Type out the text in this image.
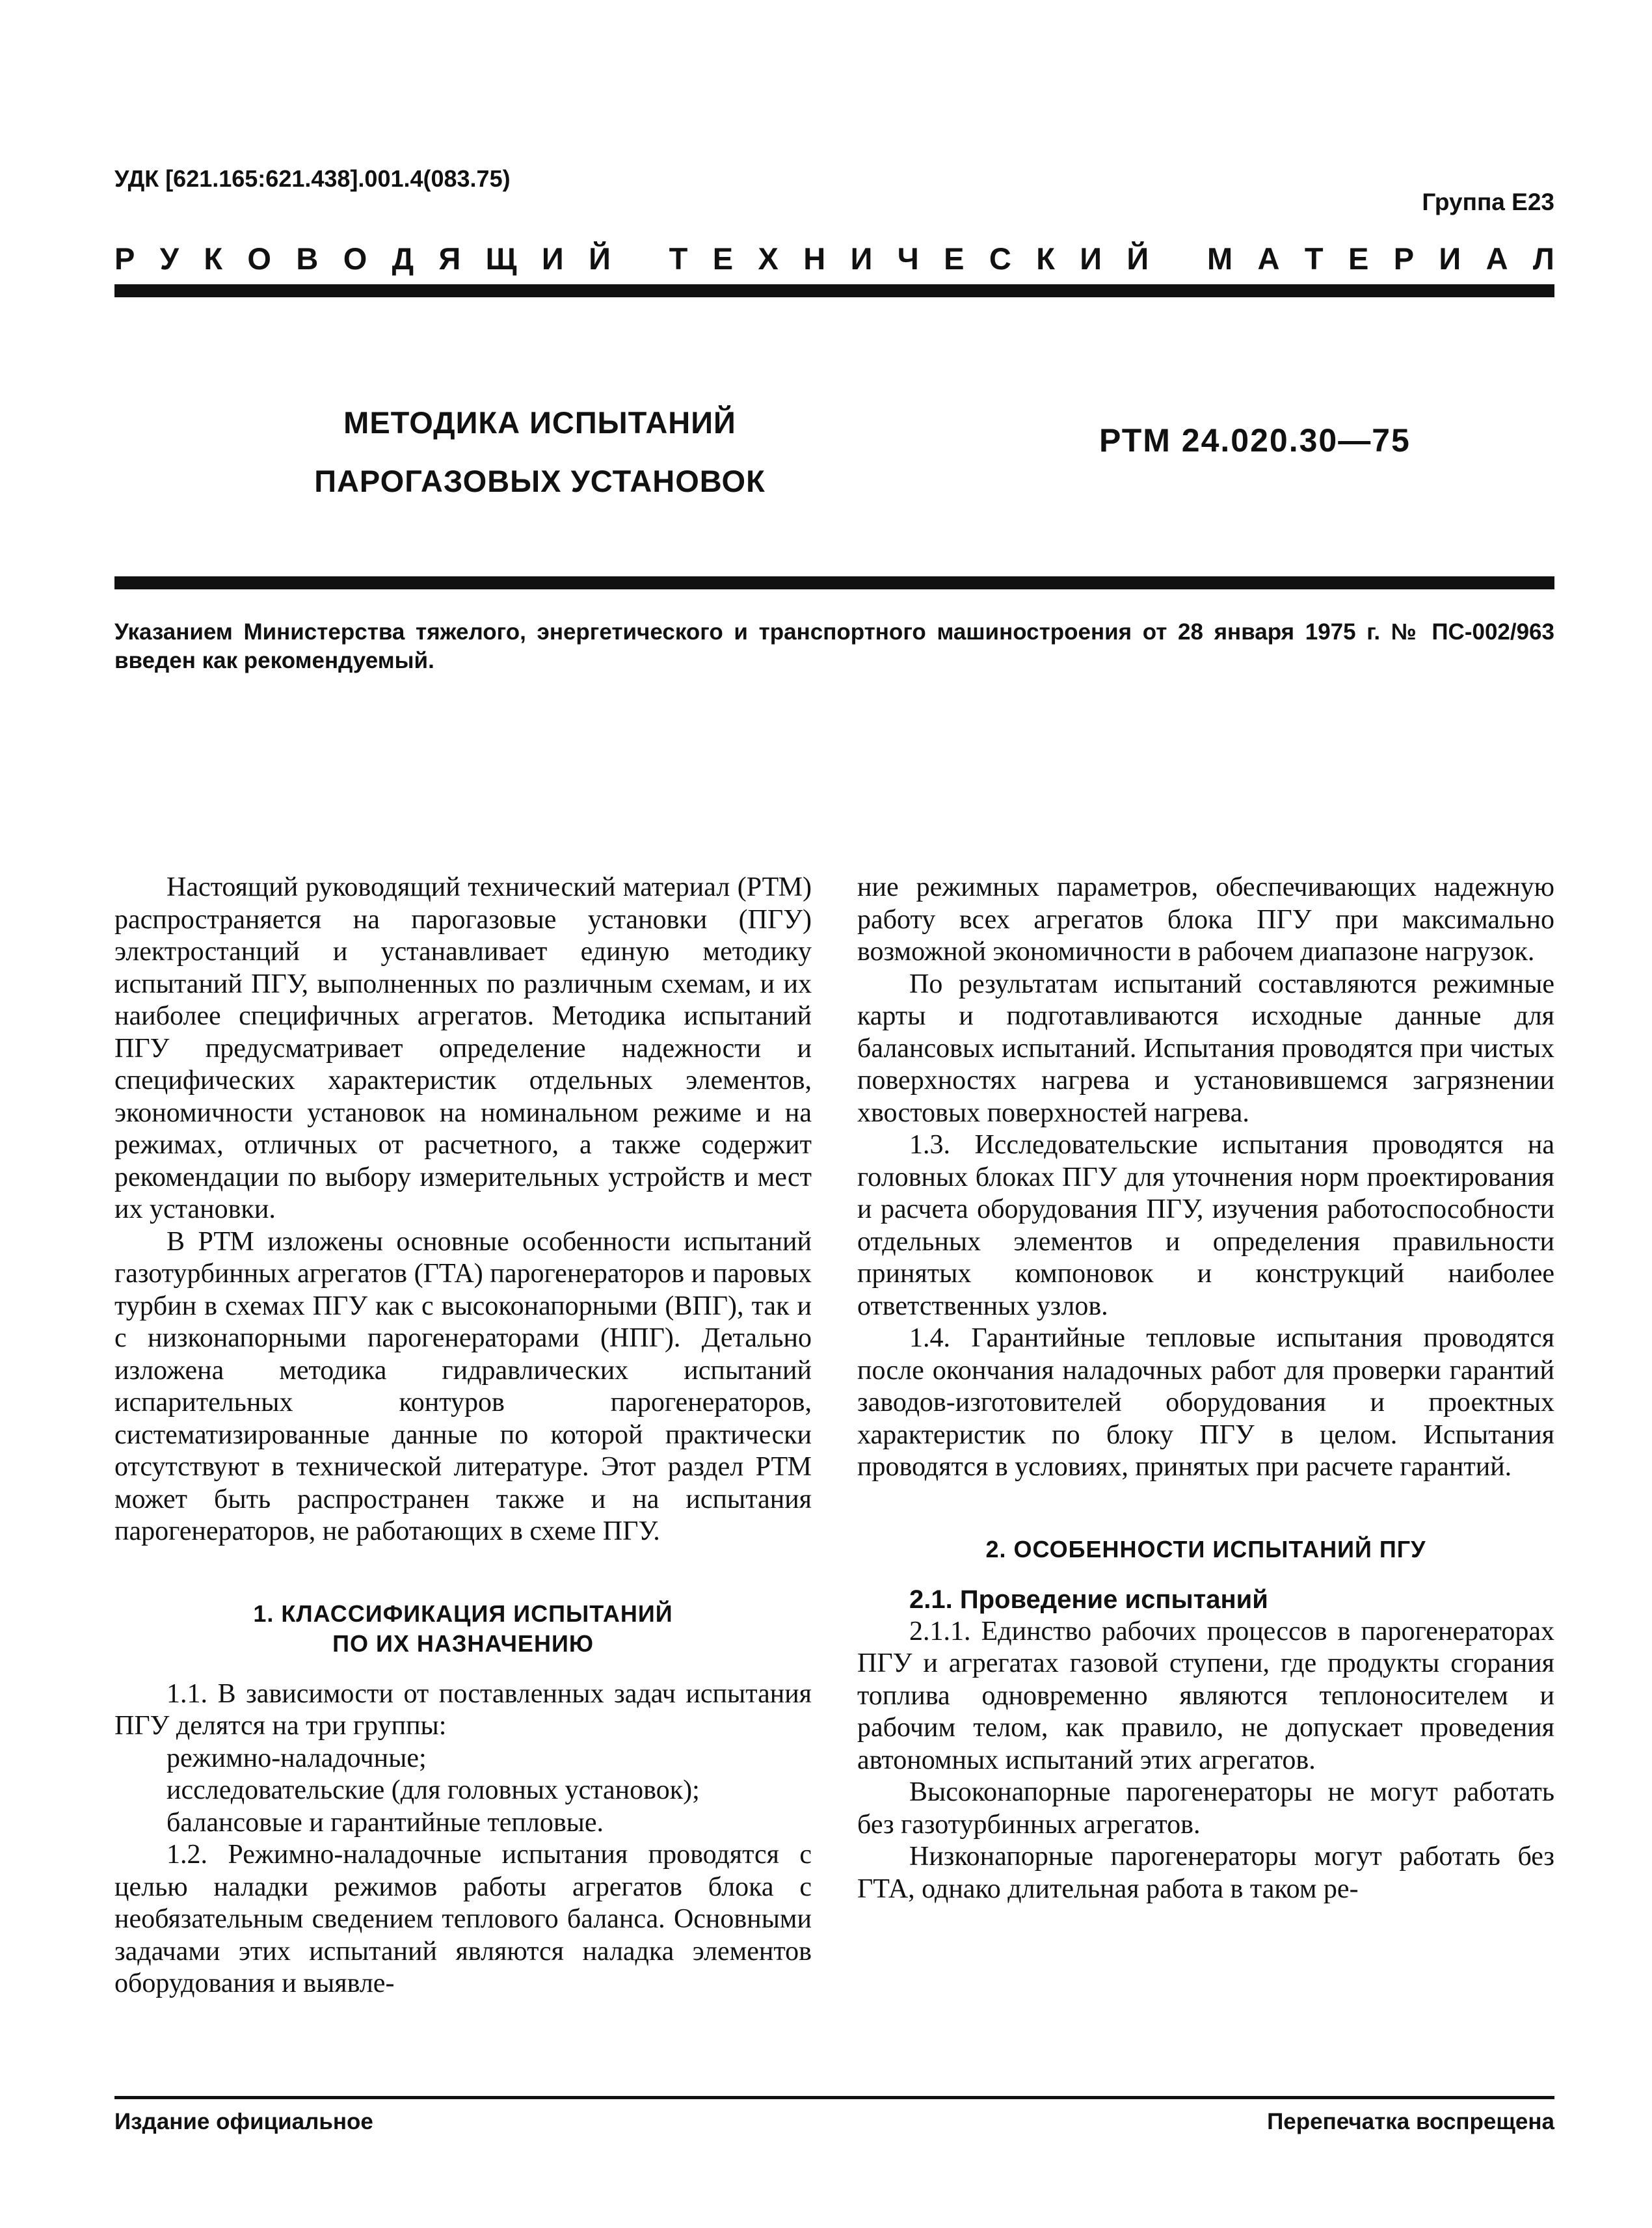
УДК [621.165:621.438].001.4(083.75)
Группа Е23
Р У К О В О Д Я Щ И Й
Т Е Х Н И Ч Е С К И Й
М А Т Е Р И А Л
МЕТОДИКА ИСПЫТАНИЙ
ПАРОГАЗОВЫХ УСТАНОВОК
РТМ 24.020.30—75
Указанием Министерства тяжелого, энергетического и транспортного машиностроения от 28 января 1975 г. № ПС-002/963 введен как рекомендуемый.

Настоящий руководящий технический материал (РТМ) распространяется на парогазовые установки (ПГУ) электростанций и устанавливает единую методику испытаний ПГУ, выполненных по различным схемам, и их наиболее специфичных агрегатов. Методика испытаний ПГУ предусматривает определение надежности и специфических характеристик отдельных элементов, экономичности установок на номинальном режиме и на режимах, отличных от расчетного, а также содержит рекомендации по выбору измерительных устройств и мест их установки.

В РТМ изложены основные особенности испытаний газотурбинных агрегатов (ГТА) парогенераторов и паровых турбин в схемах ПГУ как с высоконапорными (ВПГ), так и с низконапорными парогенераторами (НПГ). Детально изложена методика гидравлических испытаний испарительных контуров парогенераторов, систематизированные данные по которой практически отсутствуют в технической литературе. Этот раздел РТМ может быть распространен также и на испытания парогенераторов, не работающих в схеме ПГУ.

1. КЛАССИФИКАЦИЯ ИСПЫТАНИЙ
ПО ИХ НАЗНАЧЕНИЮ

1.1. В зависимости от поставленных задач испытания ПГУ делятся на три группы:

режимно-наладочные;

исследовательские (для головных установок);

балансовые и гарантийные тепловые.

1.2. Режимно-наладочные испытания проводятся с целью наладки режимов работы агрегатов блока с необязательным сведением теплового баланса. Основными задачами этих испытаний являются наладка элементов оборудования и выявле-

ние режимных параметров, обеспечивающих надежную работу всех агрегатов блока ПГУ при максимально возможной экономичности в рабочем диапазоне нагрузок.

По результатам испытаний составляются режимные карты и подготавливаются исходные данные для балансовых испытаний. Испытания проводятся при чистых поверхностях нагрева и установившемся загрязнении хвостовых поверхностей нагрева.

1.3. Исследовательские испытания проводятся на головных блоках ПГУ для уточнения норм проектирования и расчета оборудования ПГУ, изучения работоспособности отдельных элементов и определения правильности принятых компоновок и конструкций наиболее ответственных узлов.

1.4. Гарантийные тепловые испытания проводятся после окончания наладочных работ для проверки гарантий заводов-изготовителей оборудования и проектных характеристик по блоку ПГУ в целом. Испытания проводятся в условиях, принятых при расчете гарантий.

2. ОСОБЕННОСТИ ИСПЫТАНИЙ ПГУ
2.1. Проведение испытаний

2.1.1. Единство рабочих процессов в парогенераторах ПГУ и агрегатах газовой ступени, где продукты сгорания топлива одновременно являются теплоносителем и рабочим телом, как правило, не допускает проведения автономных испытаний этих агрегатов.

Высоконапорные парогенераторы не могут работать без газотурбинных агрегатов.

Низконапорные парогенераторы могут работать без ГТА, однако длительная работа в таком ре-

Издание официальное	Перепечатка воспрещена
